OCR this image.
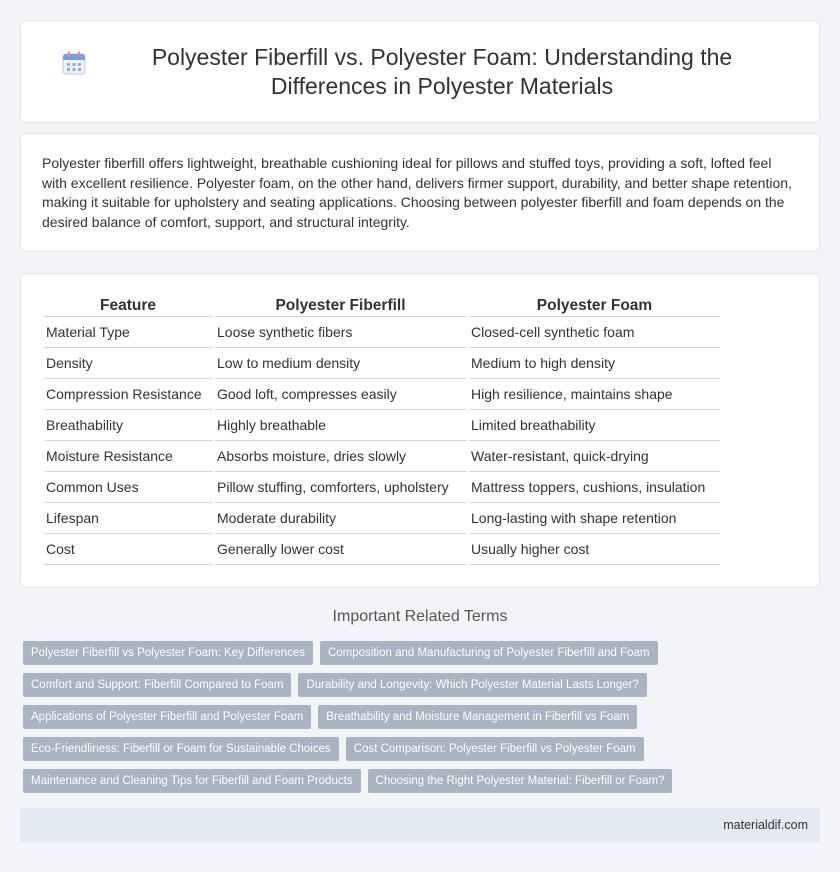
Polyester Fiberfill vs. Polyester Foam: Understanding the Differences in Polyester Materials

Polyester fiberfill offers lightweight, breathable cushioning ideal for pillows and stuffed toys, providing a soft, lofted feel with excellent resilience. Polyester foam, on the other hand, delivers firmer support, durability, and better shape retention, making it suitable for upholstery and seating applications. Choosing between polyester fiberfill and foam depends on the desired balance of comfort, support, and structural integrity.

Feature	Polyester Fiberfill	Polyester Foam
Material Type	Loose synthetic fibers	Closed-cell synthetic foam
Density	Low to medium density	Medium to high density
Compression Resistance	Good loft, compresses easily	High resilience, maintains shape
Breathability	Highly breathable	Limited breathability
Moisture Resistance	Absorbs moisture, dries slowly	Water-resistant, quick-drying
Common Uses	Pillow stuffing, comforters, upholstery	Mattress toppers, cushions, insulation
Lifespan	Moderate durability	Long-lasting with shape retention
Cost	Generally lower cost	Usually higher cost
Important Related Terms
Polyester Fiberfill vs Polyester Foam: Key Differences	Composition and Manufacturing of Polyester Fiberfill and Foam
Comfort and Support: Fiberfill Compared to Foam	Durability and Longevity: Which Polyester Material Lasts Longer?
Applications of Polyester Fiberfill and Polyester Foam	Breathability and Moisture Management in Fiberfill vs Foam
Eco-Friendliness: Fiberfill or Foam for Sustainable Choices	Cost Comparison: Polyester Fiberfill vs Polyester Foam
Maintenance and Cleaning Tips for Fiberfill and Foam Products	Choosing the Right Polyester Material: Fiberfill or Foam?
materialdif.com
